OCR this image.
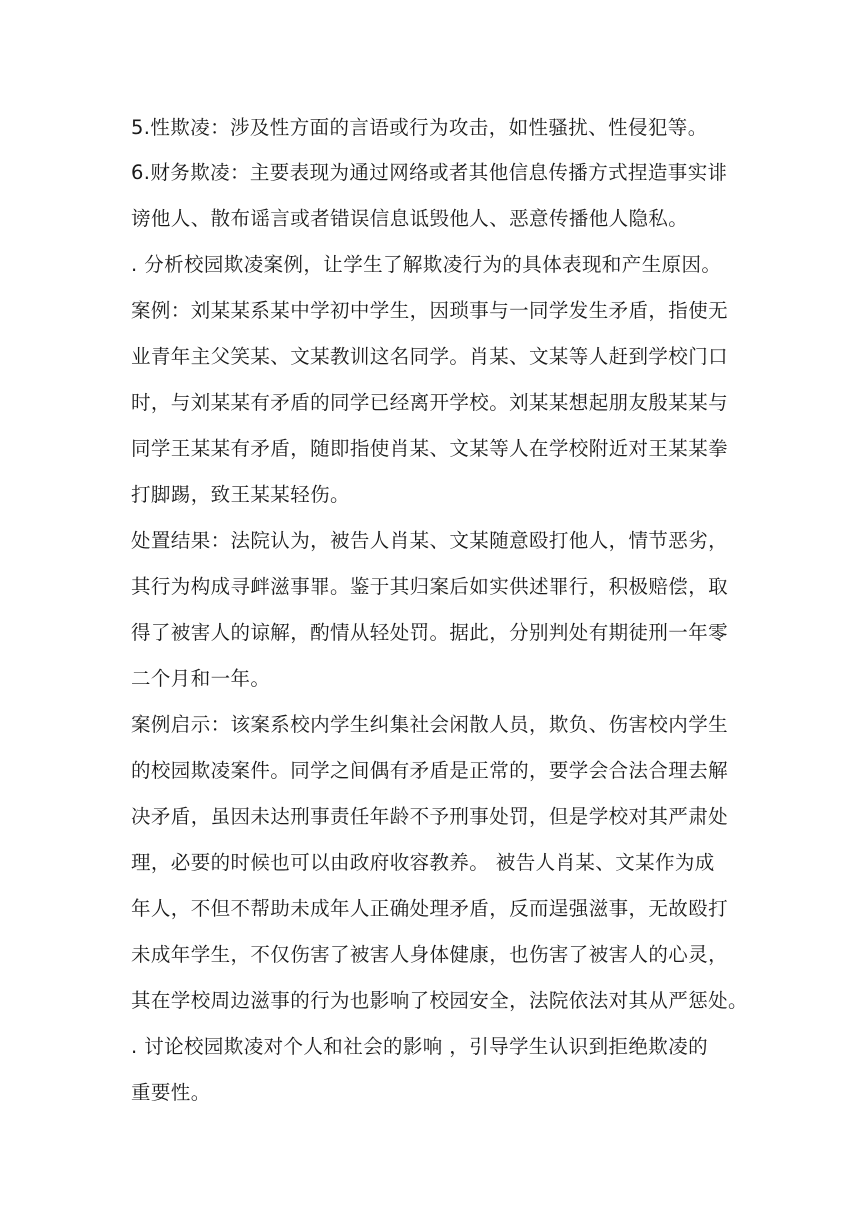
5.性欺凌：涉及性方面的言语或行为攻击，如性骚扰、性侵犯等。
6.财务欺凌：主要表现为通过网络或者其他信息传播方式捏造事实诽
谤他人、散布谣言或者错误信息诋毁他人、恶意传播他人隐私。
. 分析校园欺凌案例，让学生了解欺凌行为的具体表现和产生原因。
案例：刘某某系某中学初中学生，因琐事与一同学发生矛盾，指使无
业青年主父笑某、文某教训这名同学。肖某、文某等人赶到学校门口
时，与刘某某有矛盾的同学已经离开学校。刘某某想起朋友殷某某与
同学王某某有矛盾，随即指使肖某、文某等人在学校附近对王某某拳
打脚踢，致王某某轻伤。
处置结果：法院认为，被告人肖某、文某随意殴打他人，情节恶劣，
其行为构成寻衅滋事罪。鉴于其归案后如实供述罪行，积极赔偿，取
得了被害人的谅解，酌情从轻处罚。据此，分别判处有期徒刑一年零
二个月和一年。
案例启示：该案系校内学生纠集社会闲散人员，欺负、伤害校内学生
的校园欺凌案件。同学之间偶有矛盾是正常的，要学会合法合理去解
决矛盾，虽因未达刑事责任年龄不予刑事处罚，但是学校对其严肃处
理，必要的时候也可以由政府收容教养。 被告人肖某、文某作为成
年人，不但不帮助未成年人正确处理矛盾，反而逞强滋事，无故殴打
未成年学生，不仅伤害了被害人身体健康，也伤害了被害人的心灵，
其在学校周边滋事的行为也影响了校园安全，法院依法对其从严惩处。
. 讨论校园欺凌对个人和社会的影响 ，引导学生认识到拒绝欺凌的
重要性。
